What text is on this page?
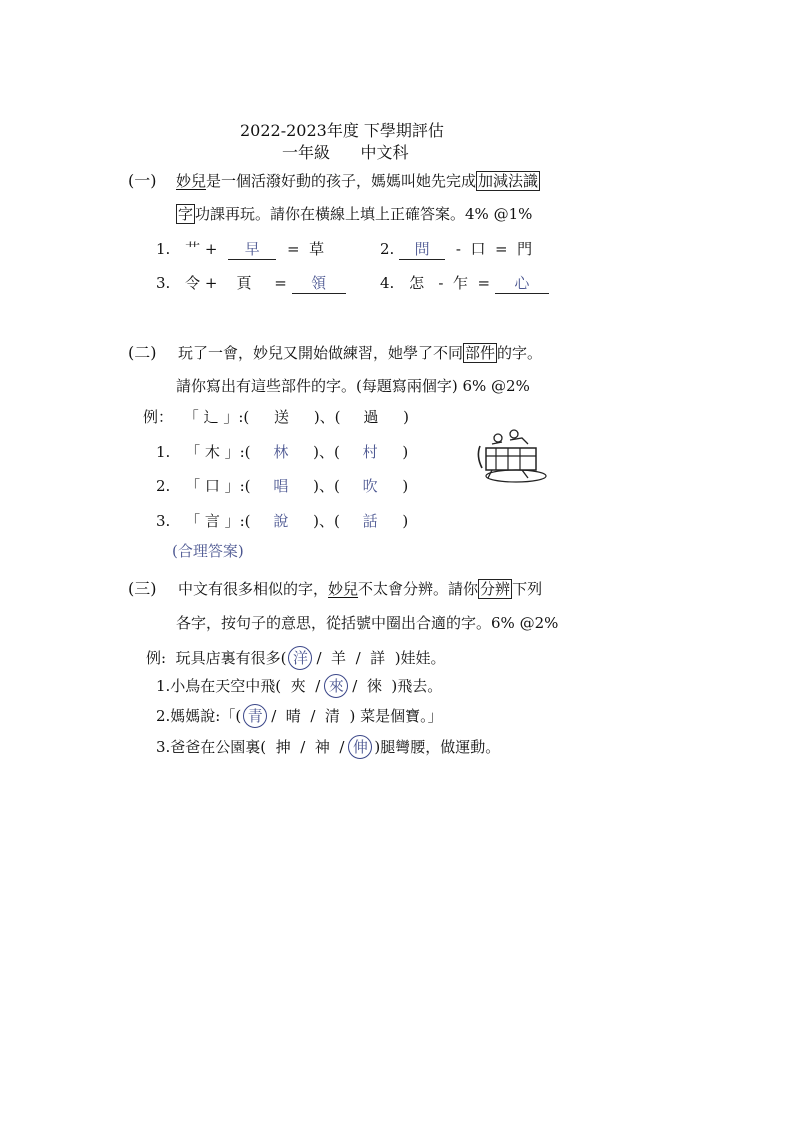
2022-2023年度 下學期評估
一年級      中文科
(一) 妙兒是一個活潑好動的孩子，媽媽叫她先完成 加減法識
字 功課再玩。請你在橫線上填上正確答案。4% @1%
1. 艹 + 早 =  草	2. 問 -  口  =  門
3. 令 +    頁 = 領	4. 怎   -  乍  = 心
(二) 玩了一會，妙兒又開始做練習，她學了不同 部件 的字。
請你寫出有這些部件的字。(每題寫兩個字) 6% @2%
例： 「 辶 」:( 送 )、( 過 )
1. 「 木 」:( 林 )、( 村 )
2. 「 口 」:( 唱 )、( 吹 )
3. 「 言 」:( 說 )、( 話 )
(合理答案)
(三) 中文有很多相似的字，妙兒不太會分辨。請你 分辨 下列
各字，按句子的意思，從括號中圈出合適的字。6% @2%
例:  玩具店裏有很多( 洋 /  羊  /  詳  )娃娃。
1.小鳥在天空中飛(  夾  / 來 /  徠  )飛去。
2.媽媽說:「( 青 /  晴  /  清  ) 菜是個寶。」
3.爸爸在公園裏(  抻  /  神  / 伸 )腿彎腰，做運動。
